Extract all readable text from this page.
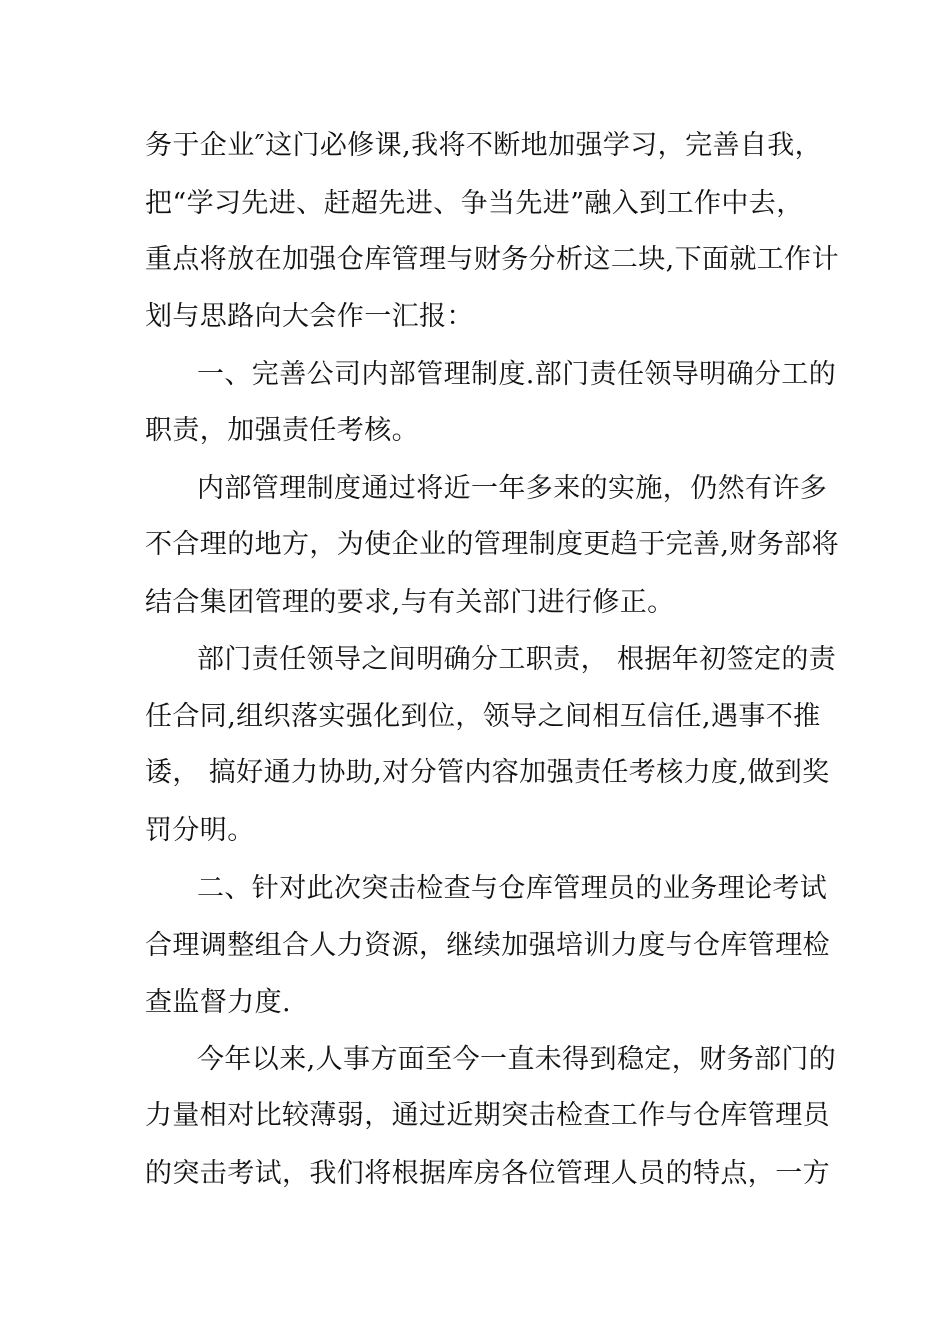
务于企业″这门必修课,我将不断地加强学习，完善自我，
把“学习先进、赶超先进、争当先进”融入到工作中去，
重点将放在加强仓库管理与财务分析这二块,下面就工作计
划与思路向大会作一汇报：
一、完善公司内部管理制度.部门责任领导明确分工的
职责，加强责任考核。
内部管理制度通过将近一年多来的实施，仍然有许多
不合理的地方，为使企业的管理制度更趋于完善,财务部将
结合集团管理的要求,与有关部门进行修正。
部门责任领导之间明确分工职责， 根据年初签定的责
任合同,组织落实强化到位，领导之间相互信任,遇事不推
诿， 搞好通力协助,对分管内容加强责任考核力度,做到奖
罚分明。
二、针对此次突击检查与仓库管理员的业务理论考试
合理调整组合人力资源，继续加强培训力度与仓库管理检
查监督力度.
今年以来,人事方面至今一直未得到稳定，财务部门的
力量相对比较薄弱，通过近期突击检查工作与仓库管理员
的突击考试，我们将根据库房各位管理人员的特点，一方
